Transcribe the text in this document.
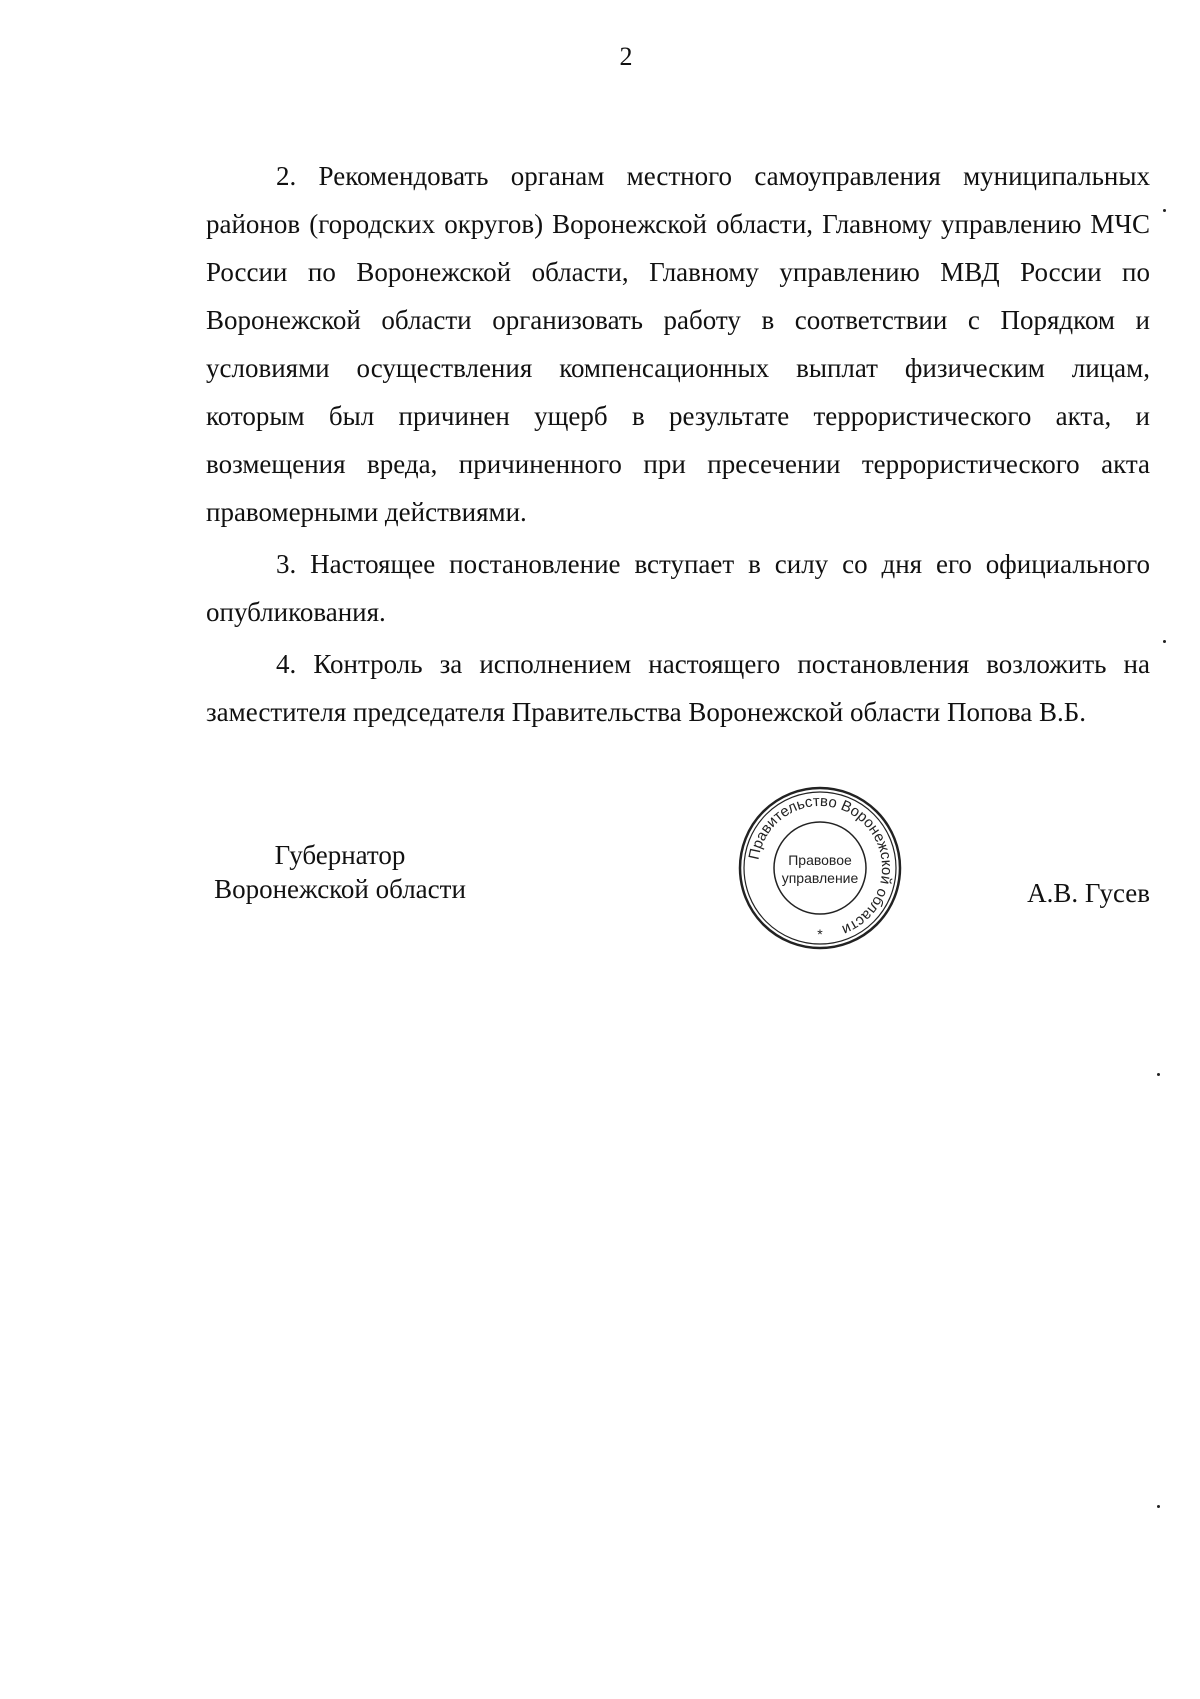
2

2. Рекомендовать органам местного самоуправления муниципальных районов (городских округов) Воронежской области, Главному управлению МЧС России по Воронежской области, Главному управлению МВД России по Воронежской области организовать работу в соответствии с Порядком и условиями осуществления компенсационных выплат физическим лицам, которым был причинен ущерб в результате террористического акта, и возмещения вреда, причиненного при пресечении террористического акта правомерными действиями.

3. Настоящее постановление вступает в силу со дня его официального опубликования.

4. Контроль за исполнением настоящего постановления возложить на заместителя председателя Правительства Воронежской области Попова В.Б.

Губернатор
Воронежской области
Правительство Воронежской области
Правовое
управление
*
А.В. Гусев
